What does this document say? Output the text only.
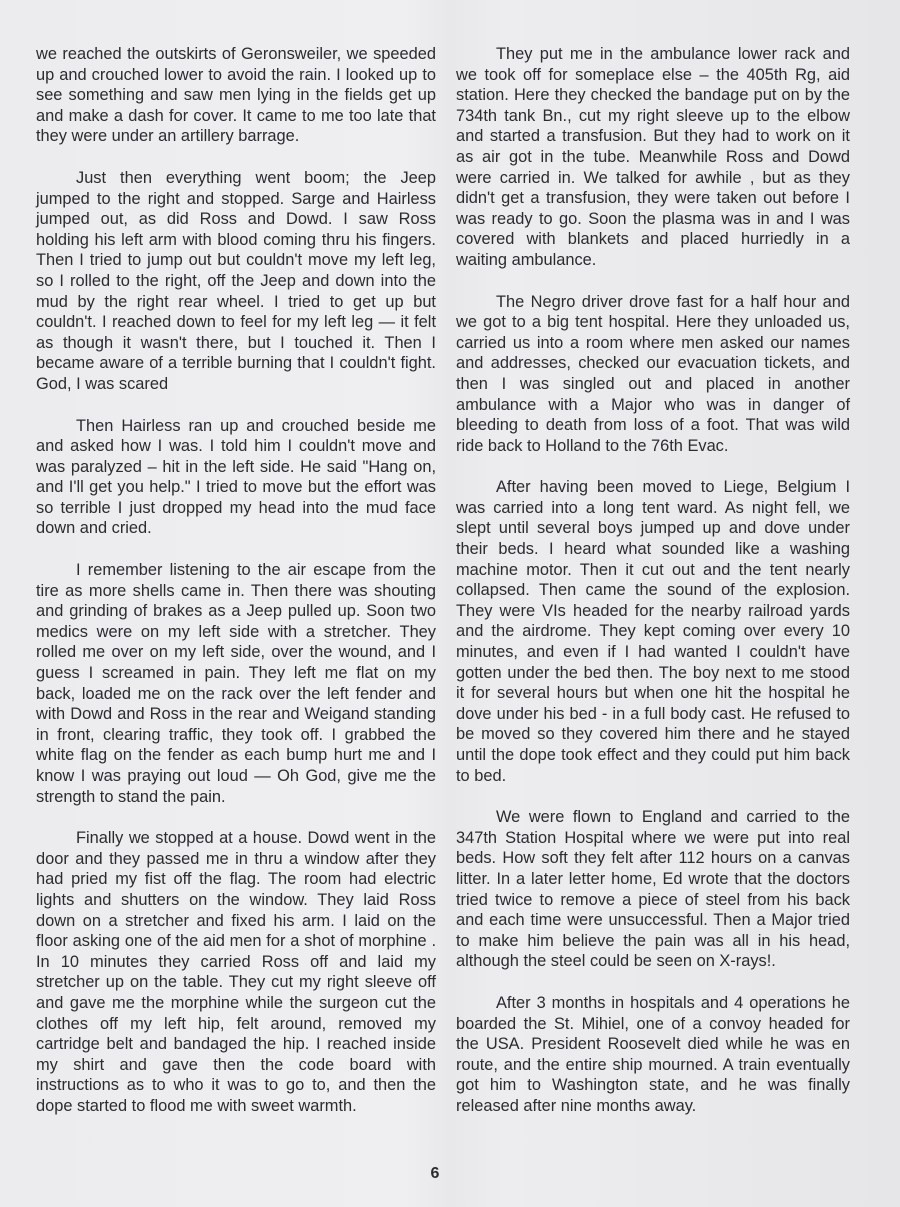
we reached the outskirts of Geronsweiler, we speeded up and crouched lower to avoid the rain. I looked up to see something and saw men lying in the fields get up and make a dash for cover. It came to me too late that they were under an artillery barrage.

Just then everything went boom; the Jeep jumped to the right and stopped. Sarge and Hairless jumped out, as did Ross and Dowd. I saw Ross holding his left arm with blood coming thru his fingers. Then I tried to jump out but couldn't move my left leg, so I rolled to the right, off the Jeep and down into the mud by the right rear wheel. I tried to get up but couldn't. I reached down to feel for my left leg — it felt as though it wasn't there, but I touched it. Then I became aware of a terrible burning that I couldn't fight. God, I was scared

Then Hairless ran up and crouched beside me and asked how I was. I told him I couldn't move and was paralyzed – hit in the left side. He said "Hang on, and I'll get you help." I tried to move but the effort was so terrible I just dropped my head into the mud face down and cried.

I remember listening to the air escape from the tire as more shells came in. Then there was shouting and grinding of brakes as a Jeep pulled up. Soon two medics were on my left side with a stretcher. They rolled me over on my left side, over the wound, and I guess I screamed in pain. They left me flat on my back, loaded me on the rack over the left fender and with Dowd and Ross in the rear and Weigand standing in front, clearing traffic, they took off. I grabbed the white flag on the fender as each bump hurt me and I know I was praying out loud — Oh God, give me the strength to stand the pain.

Finally we stopped at a house. Dowd went in the door and they passed me in thru a window after they had pried my fist off the flag. The room had electric lights and shutters on the window. They laid Ross down on a stretcher and fixed his arm. I laid on the floor asking one of the aid men for a shot of morphine . In 10 minutes they carried Ross off and laid my stretcher up on the table. They cut my right sleeve off and gave me the morphine while the surgeon cut the clothes off my left hip, felt around, removed my cartridge belt and bandaged the hip. I reached inside my shirt and gave then the code board with instructions as to who it was to go to, and then the dope started to flood me with sweet warmth.

They put me in the ambulance lower rack and we took off for someplace else – the 405th Rg, aid station. Here they checked the bandage put on by the 734th tank Bn., cut my right sleeve up to the elbow and started a transfusion. But they had to work on it as air got in the tube. Meanwhile Ross and Dowd were carried in. We talked for awhile , but as they didn't get a transfusion, they were taken out before I was ready to go. Soon the plasma was in and I was covered with blankets and placed hurriedly in a waiting ambulance.

The Negro driver drove fast for a half hour and we got to a big tent hospital. Here they unloaded us, carried us into a room where men asked our names and addresses, checked our evacuation tickets, and then I was singled out and placed in another ambulance with a Major who was in danger of bleeding to death from loss of a foot. That was wild ride back to Holland to the 76th Evac.

After having been moved to Liege, Belgium I was carried into a long tent ward. As night fell, we slept until several boys jumped up and dove under their beds. I heard what sounded like a washing machine motor. Then it cut out and the tent nearly collapsed. Then came the sound of the explosion. They were VIs headed for the nearby railroad yards and the airdrome. They kept coming over every 10 minutes, and even if I had wanted I couldn't have gotten under the bed then. The boy next to me stood it for several hours but when one hit the hospital he dove under his bed - in a full body cast. He refused to be moved so they covered him there and he stayed until the dope took effect and they could put him back to bed.

We were flown to England and carried to the 347th Station Hospital where we were put into real beds. How soft they felt after 112 hours on a canvas litter. In a later letter home, Ed wrote that the doctors tried twice to remove a piece of steel from his back and each time were unsuccessful. Then a Major tried to make him believe the pain was all in his head, although the steel could be seen on X-rays!.

After 3 months in hospitals and 4 operations he boarded the St. Mihiel, one of a convoy headed for the USA. President Roosevelt died while he was en route, and the entire ship mourned. A train eventually got him to Washington state, and he was finally released after nine months away.

6
